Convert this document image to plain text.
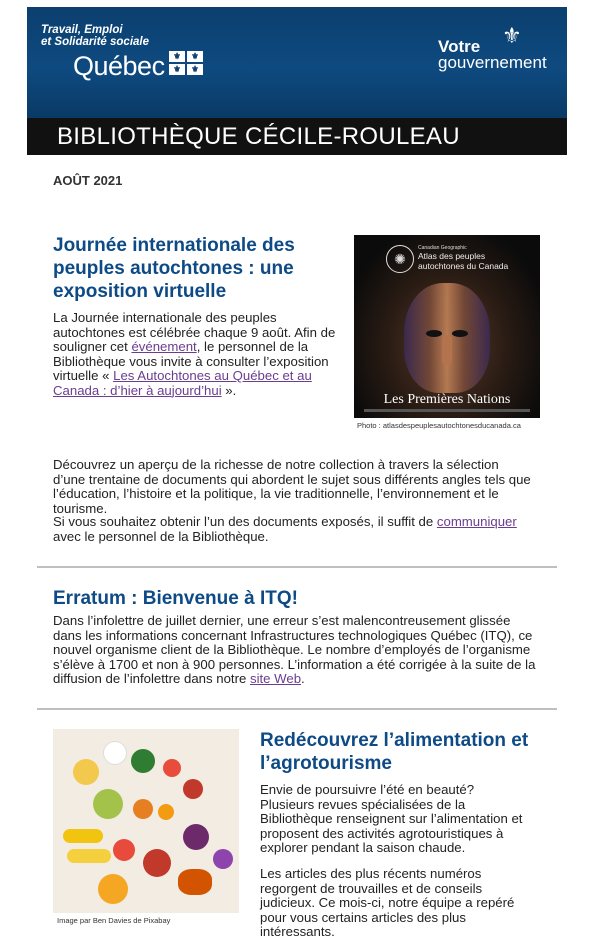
Travail, Emploi
et Solidarité sociale
Québec ⚜	⚜
⚜	⚜
⚜
Votre
gouvernement
BIBLIOTHÈQUE CÉCILE-ROULEAU
AOÛT 2021
Journée internationale des peuples autochtones : une exposition virtuelle
La Journée internationale des peuples autochtones est célébrée chaque 9 août. Afin de souligner cet événement, le personnel de la Bibliothèque vous invite à consulter l’exposition virtuelle « Les Autochtones au Québec et au Canada : d’hier à aujourd’hui ».
✺
Canadian Geographic
Atlas des peuples autochtones du Canada
Les Premières Nations
Photo : atlasdespeuplesautochtonesducanada.ca
Découvrez un aperçu de la richesse de notre collection à travers la sélection d’une trentaine de documents qui abordent le sujet sous différents angles tels que l’éducation, l’histoire et la politique, la vie traditionnelle, l’environnement et le tourisme.
Si vous souhaitez obtenir l’un des documents exposés, il suffit de communiquer avec le personnel de la Bibliothèque.
Erratum : Bienvenue à ITQ!
Dans l’infolettre de juillet dernier, une erreur s’est malencontreusement glissée dans les informations concernant Infrastructures technologiques Québec (ITQ), ce nouvel organisme client de la Bibliothèque. Le nombre d’employés de l’organisme s’élève à 1700 et non à 900 personnes. L’information a été corrigée à la suite de la diffusion de l’infolettre dans notre site Web.
Image par Ben Davies de Pixabay
Redécouvrez l’alimentation et l’agrotourisme
Envie de poursuivre l’été en beauté? Plusieurs revues spécialisées de la Bibliothèque renseignent sur l’alimentation et proposent des activités agrotouristiques à explorer pendant la saison chaude.
Les articles des plus récents numéros regorgent de trouvailles et de conseils judicieux. Ce mois-ci, notre équipe a repéré pour vous certains articles des plus intéressants.
